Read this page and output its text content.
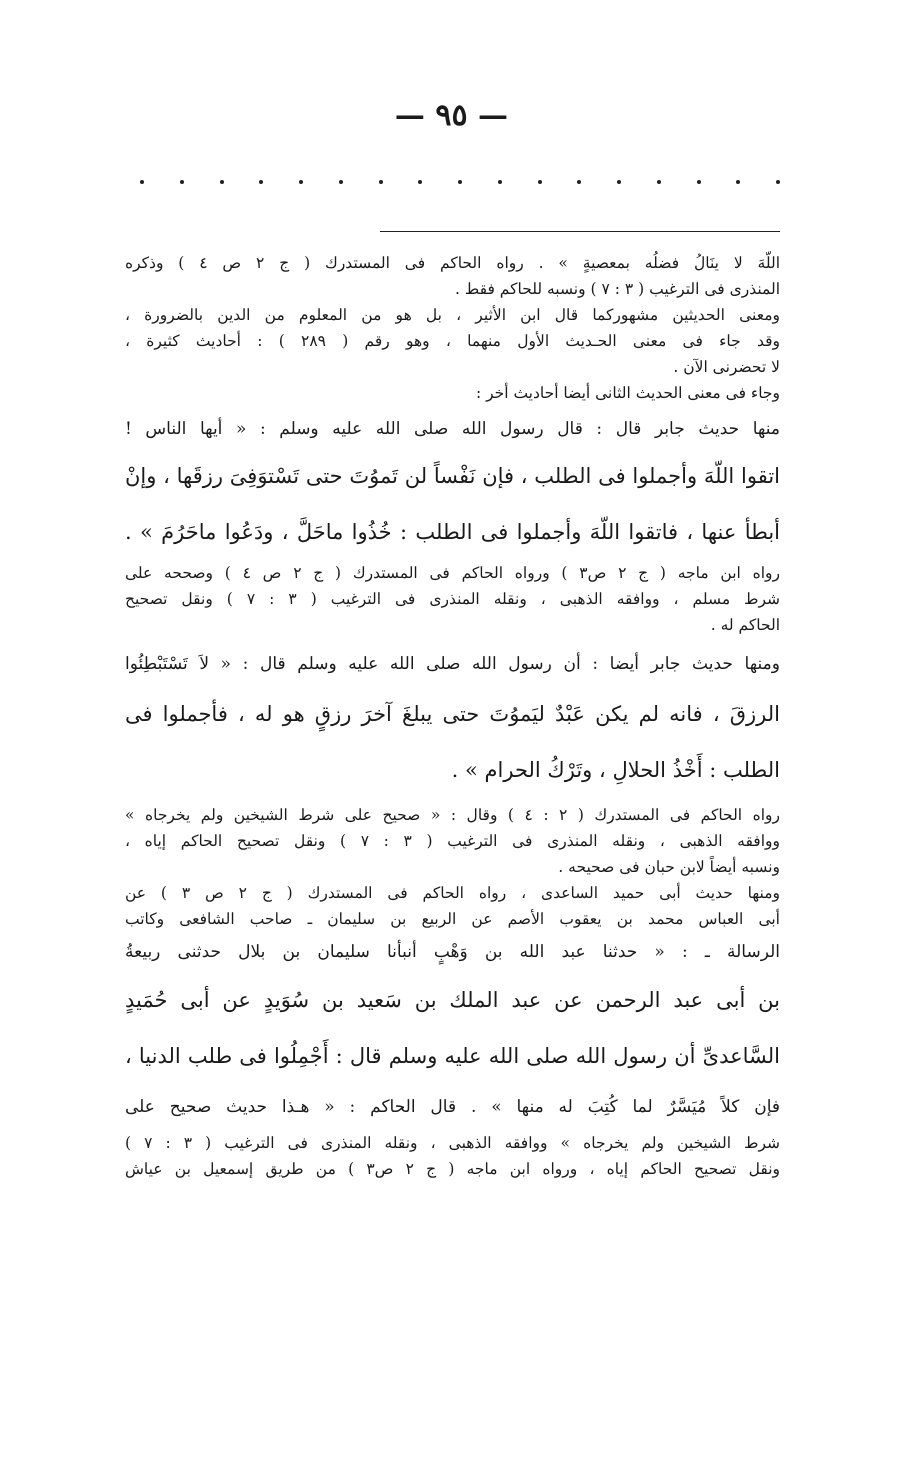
— ٩٥ —
اللّهَ لا ينَالُ فضلُه بمعصيةٍ » . رواه الحاكم فى المستدرك ( ج ٢ ص ٤ ) وذكره
المنذرى فى الترغيب ( ٣ : ٧ ) ونسبه للحاكم فقط .
ومعنى الحديثين مشهوركما قال ابن الأثير ، بل هو من المعلوم من الدين بالضرورة ،
وقد جاء فى معنى الحـديث الأول منهما ، وهو رقم ( ٢٨٩ ) : أحاديث كثيرة ،
لا تحضرنى الآن .
وجاء فى معنى الحديث الثانى أيضا أحاديث أخر :
منها حديث جابر قال : قال رسول الله صلى الله عليه وسلم : « أيها الناس !
اتقوا اللّهَ وأجملوا فى الطلب ، فإن نَفْساً لن تَموُتَ حتى تَسْتوَفِىَ رزقَها ، وإنْ
أبطأ عنها ، فاتقوا اللّهَ وأجملوا فى الطلب : خُذُوا ماحَلَّ ، ودَعُوا ماحَرُمَ » .
رواه ابن ماجه ( ج ٢ ص٣ ) ورواه الحاكم فى المستدرك ( ج ٢ ص ٤ ) وصححه على
شرط مسلم ، ووافقه الذهبى ، ونقله المنذرى فى الترغيب ( ٣ : ٧ ) ونقل تصحيح
الحاكم له .
ومنها حديث جابر أيضا : أن رسول الله صلى الله عليه وسلم قال : « لاَ تَسْتَبْطِئُوا
الرزقَ ، فانه لم يكن عَبْدٌ ليَموُتَ حتى يبلغَ آخرَ رزقٍ هو له ، فأجملوا فى
الطلب : أَخْذُ الحلالِ ، وتَرْكُ الحرام » .
رواه الحاكم فى المستدرك ( ٢ : ٤ ) وقال : « صحيح على شرط الشيخين ولم يخرجاه »
ووافقه الذهبى ، ونقله المنذرى فى الترغيب ( ٣ : ٧ ) ونقل تصحيح الحاكم إياه ،
ونسبه أيضاً لابن حبان فى صحيحه .
ومنها حديث أبى حميد الساعدى ، رواه الحاكم فى المستدرك ( ج ٢ ص ٣ ) عن
أبى العباس محمد بن يعقوب الأصم عن الربيع بن سليمان ـ صاحب الشافعى وكاتب
الرسالة ـ : « حدثنا عبد الله بن وَهْبٍ أنبأنا سليمان بن بلال حدثنى ربيعةُ
بن أبى عبد الرحمن عن عبد الملك بن سَعيد بن سُوَيدٍ عن أبى حُمَيدٍ
السَّاعدىِّ أن رسول الله صلى الله عليه وسلم قال : أَجْمِلُوا فى طلب الدنيا ،
فإن كلاً مُيَسَّرٌ لما كُتِبَ له منها » . قال الحاكم : « هـذا حديث صحيح على
شرط الشيخين ولم يخرجاه » ووافقه الذهبى ، ونقله المنذرى فى الترغيب ( ٣ : ٧ )
ونقل تصحيح الحاكم إياه ، ورواه ابن ماجه ( ج ٢ ص٣ ) من طريق إسمعيل بن عياش
